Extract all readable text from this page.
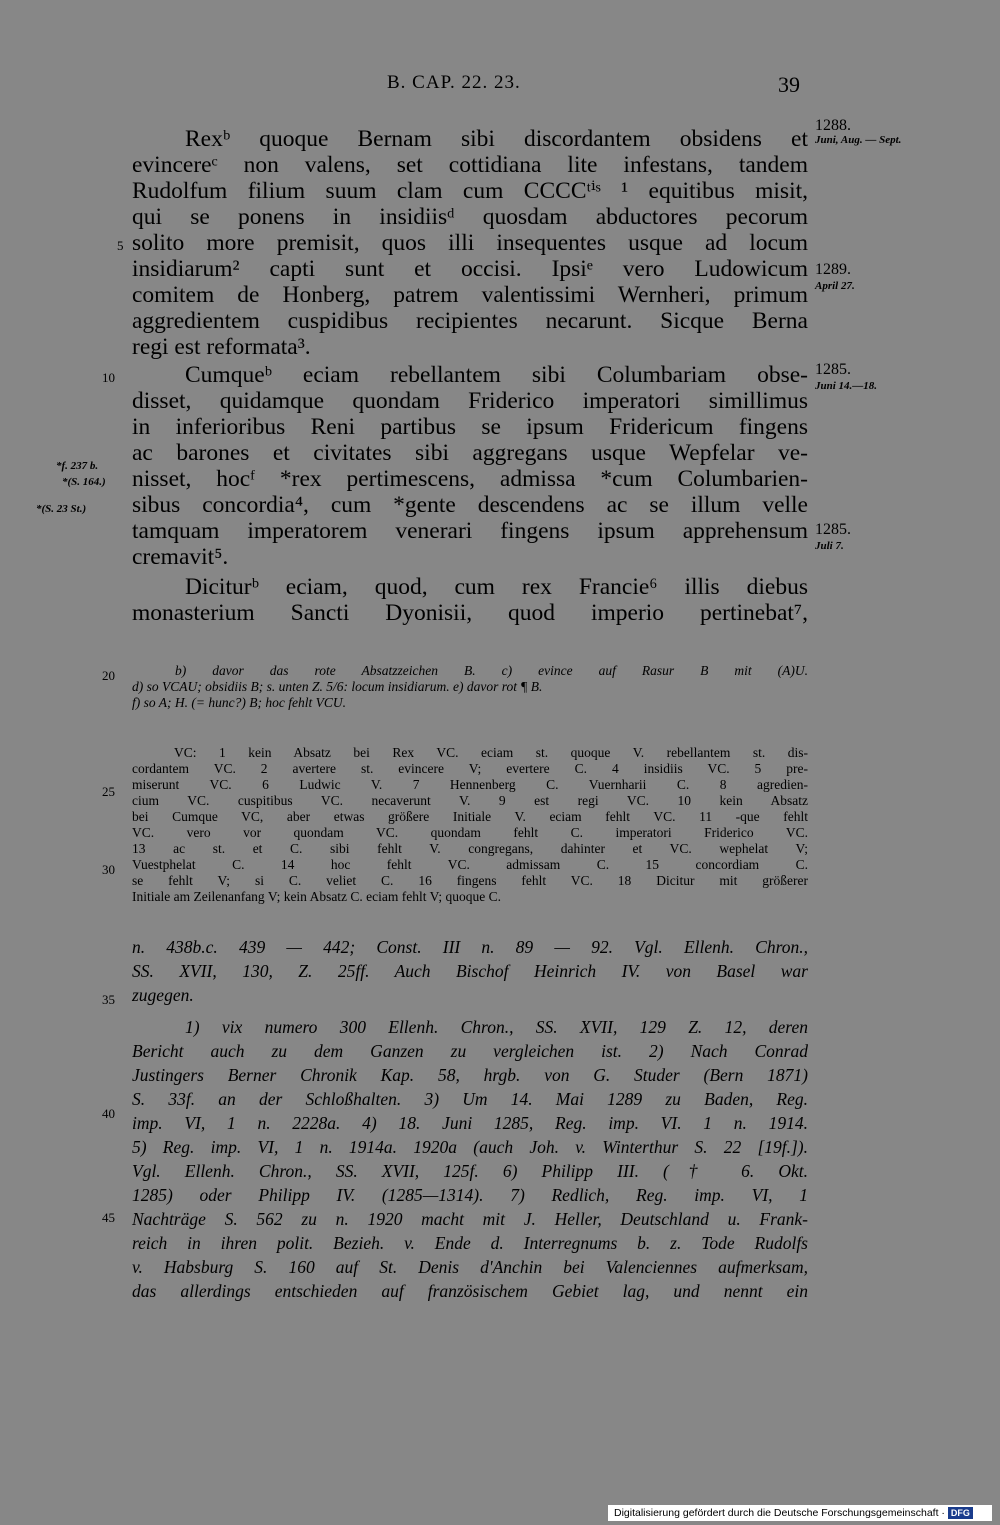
B. CAP. 22. 23.	39
Rexᵇ quoque Bernam sibi discordantem obsidens et
evincereᶜ non valens, set cottidiana lite infestans, tandem
Rudolfum filium suum clam cum CCCCᵗⁱˢ ¹ equitibus misit,
qui se ponens in insidiisᵈ quosdam abductores pecorum
solito more premisit, quos illi insequentes usque ad locum
insidiarum² capti sunt et occisi. Ipsiᵉ vero Ludowicum
comitem de Honberg, patrem valentissimi Wernheri, primum
aggredientem cuspidibus recipientes necarunt. Sicque Berna
regi est reformata³.
Cumqueᵇ eciam rebellantem sibi Columbariam obse-
disset, quidamque quondam Friderico imperatori simillimus
in inferioribus Reni partibus se ipsum Fridericum fingens
ac barones et civitates sibi aggregans usque Wepfelar ve-
nisset, hocᶠ *rex pertimescens, admissa *cum Columbarien-
sibus concordia⁴, cum *gente descendens ac se illum velle
tamquam imperatorem venerari fingens ipsum apprehensum
cremavit⁵.
Diciturᵇ eciam, quod, cum rex Francie⁶ illis diebus
monasterium Sancti Dyonisii, quod imperio pertinebat⁷,
5
10
20
25
30
35
40
45
1288.
Juni, Aug. — Sept.
1289.
April 27.
1285.
Juni 14.—18.
1285.
Juli 7.
*f. 237 b.
*(S. 164.)
*(S. 23 St.)
b) davor das rote Absatzzeichen B. c) evince auf Rasur B mit (A)U.
d) so VCAU; obsidiis B; s. unten Z. 5/6: locum insidiarum. e) davor rot ¶ B.
f) so A; H. (= hunc?) B; hoc fehlt VCU.
VC: 1 kein Absatz bei Rex VC. eciam st. quoque V. rebellantem st. dis-
cordantem VC. 2 avertere st. evincere V; evertere C. 4 insidiis VC. 5 pre-
miserunt VC. 6 Ludwic V. 7 Hennenberg C. Vuernharii C. 8 agredien-
cium VC. cuspitibus VC. necaverunt V. 9 est regi VC. 10 kein Absatz
bei Cumque VC, aber etwas größere Initiale V. eciam fehlt VC. 11 -que fehlt
VC. vero vor quondam VC. quondam fehlt C. imperatori Friderico VC.
13 ac st. et C. sibi fehlt V. congregans, dahinter et VC. wephelat V;
Vuestphelat C. 14 hoc fehlt VC. admissam C. 15 concordiam C.
se fehlt V; si C. veliet C. 16 fingens fehlt VC. 18 Dicitur mit größerer
Initiale am Zeilenanfang V; kein Absatz C. eciam fehlt V; quoque C.
n. 438b.c. 439 — 442; Const. III n. 89 — 92. Vgl. Ellenh. Chron.,
SS. XVII, 130, Z. 25ff. Auch Bischof Heinrich IV. von Basel war
zugegen.
1) vix numero 300 Ellenh. Chron., SS. XVII, 129 Z. 12, deren
Bericht auch zu dem Ganzen zu vergleichen ist. 2) Nach Conrad
Justingers Berner Chronik Kap. 58, hrgb. von G. Studer (Bern 1871)
S. 33f. an der Schloßhalten. 3) Um 14. Mai 1289 zu Baden, Reg.
imp. VI, 1 n. 2228a. 4) 18. Juni 1285, Reg. imp. VI. 1 n. 1914.
5) Reg. imp. VI, 1 n. 1914a. 1920a (auch Joh. v. Winterthur S. 22 [19f.]).
Vgl. Ellenh. Chron., SS. XVII, 125f. 6) Philipp III. († 6. Okt.
1285) oder Philipp IV. (1285—1314). 7) Redlich, Reg. imp. VI, 1
Nachträge S. 562 zu n. 1920 macht mit J. Heller, Deutschland u. Frank-
reich in ihren polit. Bezieh. v. Ende d. Interregnums b. z. Tode Rudolfs
v. Habsburg S. 160 auf St. Denis d'Anchin bei Valenciennes aufmerksam,
das allerdings entschieden auf französischem Gebiet lag, und nennt ein
Digitalisierung gefördert durch die Deutsche Forschungsgemeinschaft · DFG
